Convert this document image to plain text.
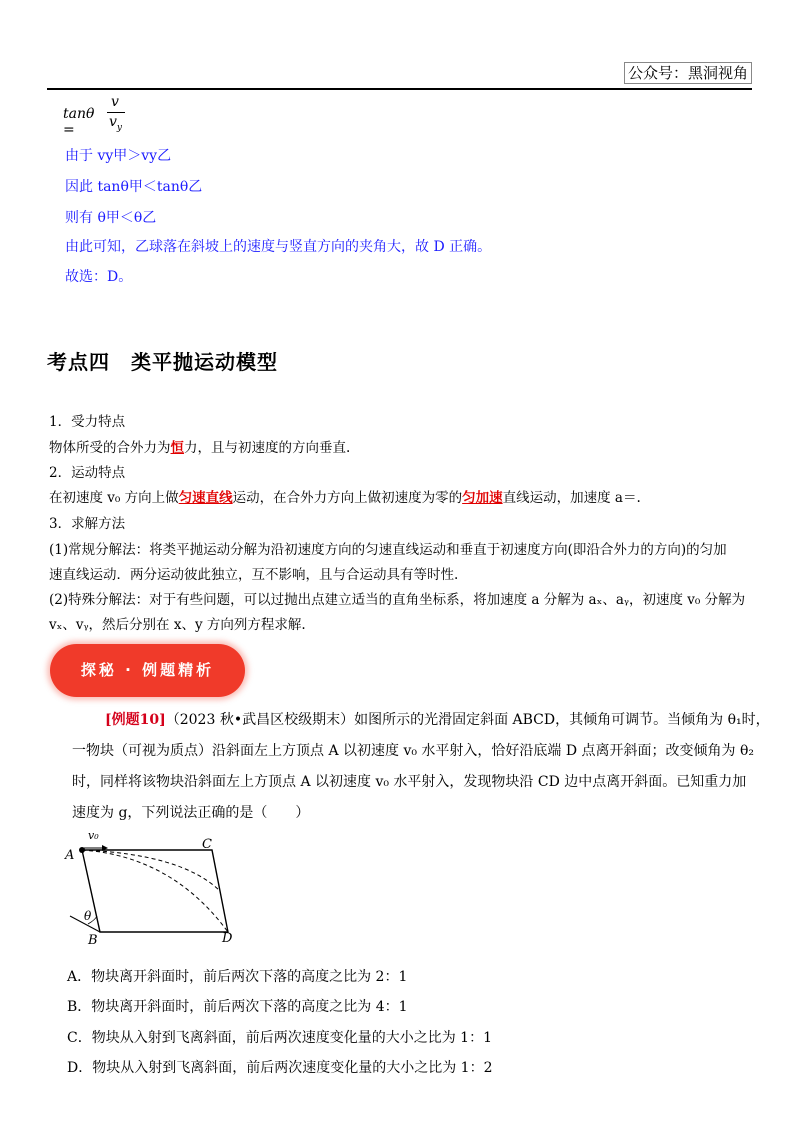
公众号：黑洞视角
tanθ =
v
$v_y$
由于 vy甲＞vy乙
因此 tanθ甲＜tanθ乙
则有 θ甲＜θ乙
由此可知，乙球落在斜坡上的速度与竖直方向的夹角大，故 D 正确。
故选：D。
考点四　类平抛运动模型
1．受力特点
物体所受的合外力为恒力，且与初速度的方向垂直.
2．运动特点
在初速度 v₀ 方向上做匀速直线运动，在合外力方向上做初速度为零的匀加速直线运动，加速度 a＝.
3．求解方法
(1)常规分解法：将类平抛运动分解为沿初速度方向的匀速直线运动和垂直于初速度方向(即沿合外力的方向)的匀加
速直线运动．两分运动彼此独立，互不影响，且与合运动具有等时性.
(2)特殊分解法：对于有些问题，可以过抛出点建立适当的直角坐标系，将加速度 a 分解为 aₓ、aᵧ，初速度 v₀ 分解为
vₓ、vᵧ，然后分别在 x、y 方向列方程求解.
探秘 · 例题精析
[例题10]（2023 秋•武昌区校级期末）如图所示的光滑固定斜面 ABCD，其倾角可调节。当倾角为 θ₁时，
一物块（可视为质点）沿斜面左上方顶点 A 以初速度 v₀ 水平射入，恰好沿底端 D 点离开斜面；改变倾角为 θ₂
时，同样将该物块沿斜面左上方顶点 A 以初速度 v₀ 水平射入，发现物块沿 CD 边中点离开斜面。已知重力加
速度为 g，下列说法正确的是（　　）
θ
A
B
C
D
v₀
A．物块离开斜面时，前后两次下落的高度之比为 2：1
B．物块离开斜面时，前后两次下落的高度之比为 4：1
C．物块从入射到飞离斜面，前后两次速度变化量的大小之比为 1：1
D．物块从入射到飞离斜面，前后两次速度变化量的大小之比为 1：2
